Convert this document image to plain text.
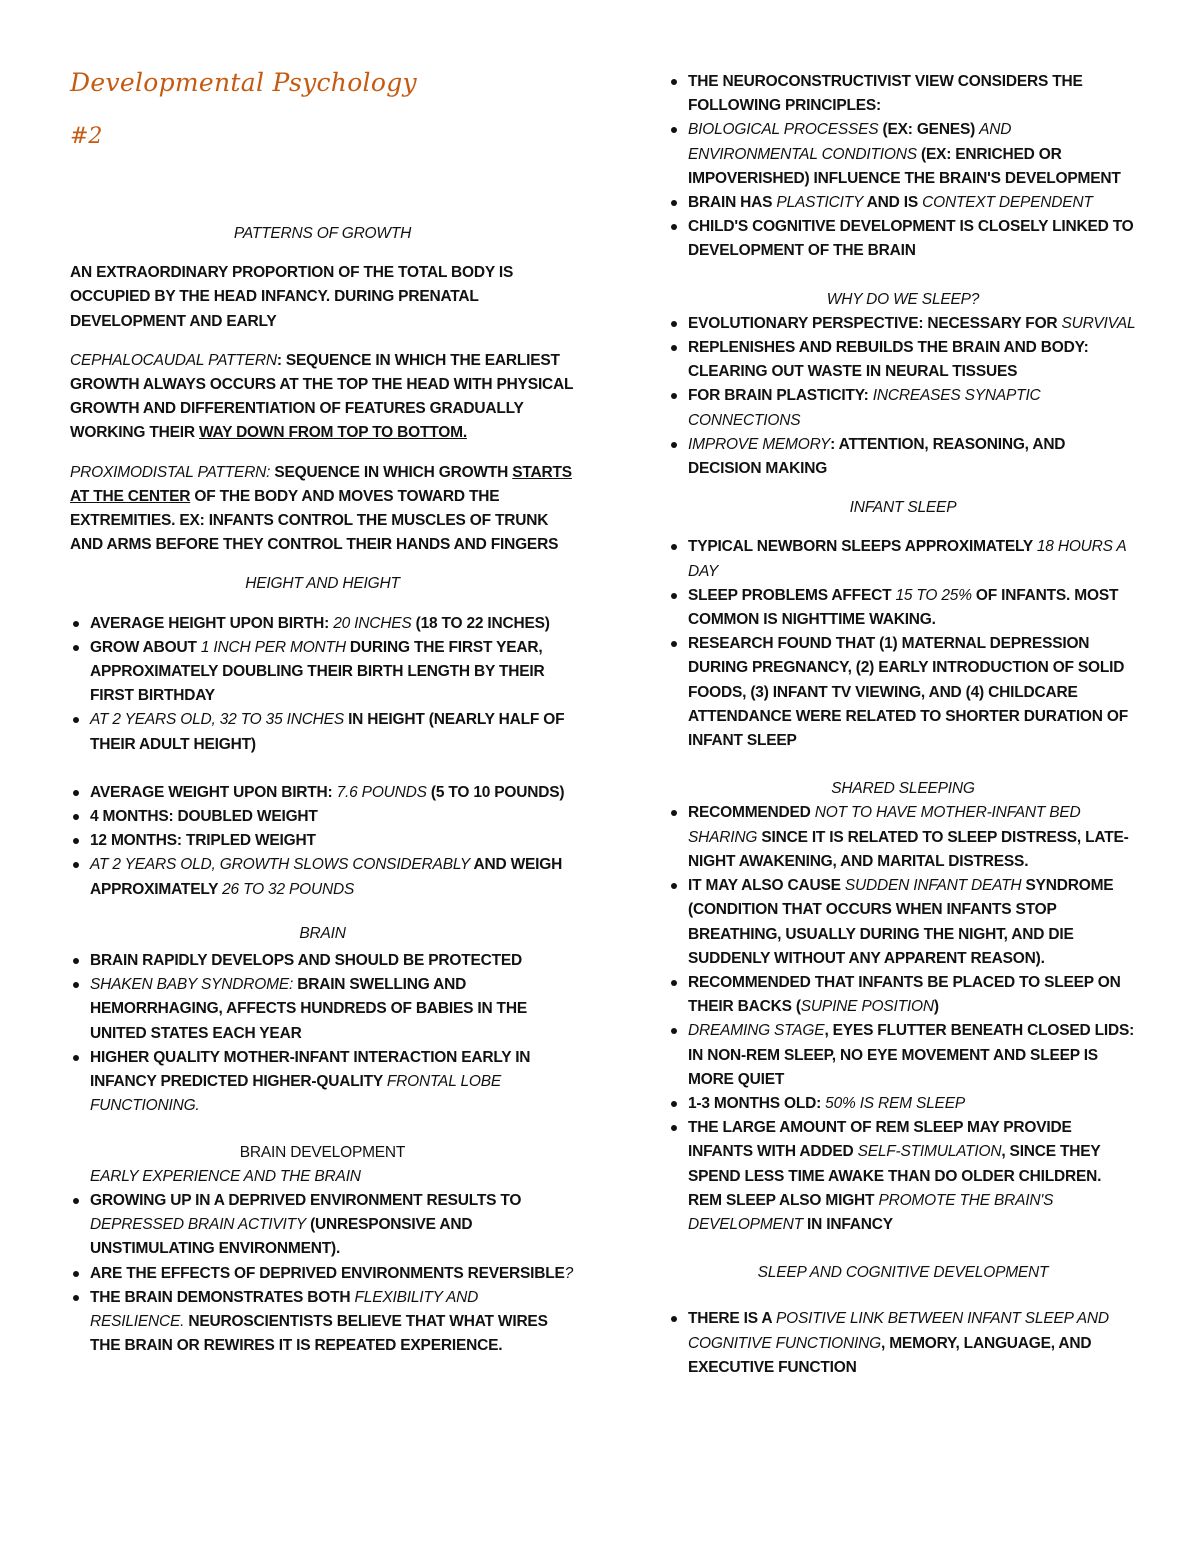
Developmental Psychology
#2
PATTERNS OF GROWTH

AN EXTRAORDINARY PROPORTION OF THE TOTAL BODY IS OCCUPIED BY THE HEAD INFANCY. DURING PRENATAL DEVELOPMENT AND EARLY

CEPHALOCAUDAL PATTERN: SEQUENCE IN WHICH THE EARLIEST GROWTH ALWAYS OCCURS AT THE TOP THE HEAD WITH PHYSICAL GROWTH AND DIFFERENTIATION OF FEATURES GRADUALLY WORKING THEIR WAY DOWN FROM TOP TO BOTTOM.

PROXIMODISTAL PATTERN: SEQUENCE IN WHICH GROWTH STARTS AT THE CENTER OF THE BODY AND MOVES TOWARD THE EXTREMITIES. EX: INFANTS CONTROL THE MUSCLES OF TRUNK AND ARMS BEFORE THEY CONTROL THEIR HANDS AND FINGERS

HEIGHT AND HEIGHT
AVERAGE HEIGHT UPON BIRTH: 20 INCHES (18 TO 22 INCHES)
GROW ABOUT 1 INCH PER MONTH DURING THE FIRST YEAR, APPROXIMATELY DOUBLING THEIR BIRTH LENGTH BY THEIR FIRST BIRTHDAY
AT 2 YEARS OLD, 32 TO 35 INCHES IN HEIGHT (NEARLY HALF OF THEIR ADULT HEIGHT)
AVERAGE WEIGHT UPON BIRTH: 7.6 POUNDS (5 TO 10 POUNDS)
4 MONTHS: DOUBLED WEIGHT
12 MONTHS: TRIPLED WEIGHT
AT 2 YEARS OLD, GROWTH SLOWS CONSIDERABLY AND WEIGH APPROXIMATELY 26 TO 32 POUNDS
BRAIN
BRAIN RAPIDLY DEVELOPS AND SHOULD BE PROTECTED
SHAKEN BABY SYNDROME: BRAIN SWELLING AND HEMORRHAGING, AFFECTS HUNDREDS OF BABIES IN THE UNITED STATES EACH YEAR
HIGHER QUALITY MOTHER-INFANT INTERACTION EARLY IN INFANCY PREDICTED HIGHER-QUALITY FRONTAL LOBE FUNCTIONING.
BRAIN DEVELOPMENT
EARLY EXPERIENCE AND THE BRAIN
GROWING UP IN A DEPRIVED ENVIRONMENT RESULTS TO DEPRESSED BRAIN ACTIVITY (UNRESPONSIVE AND UNSTIMULATING ENVIRONMENT).
ARE THE EFFECTS OF DEPRIVED ENVIRONMENTS REVERSIBLE?
THE BRAIN DEMONSTRATES BOTH FLEXIBILITY AND RESILIENCE. NEUROSCIENTISTS BELIEVE THAT WHAT WIRES THE BRAIN OR REWIRES IT IS REPEATED EXPERIENCE.
THE NEUROCONSTRUCTIVIST VIEW CONSIDERS THE FOLLOWING PRINCIPLES:
BIOLOGICAL PROCESSES (EX: GENES) AND ENVIRONMENTAL CONDITIONS (EX: ENRICHED OR IMPOVERISHED) INFLUENCE THE BRAIN'S DEVELOPMENT
BRAIN HAS PLASTICITY AND IS CONTEXT DEPENDENT
CHILD'S COGNITIVE DEVELOPMENT IS CLOSELY LINKED TO DEVELOPMENT OF THE BRAIN
WHY DO WE SLEEP?
EVOLUTIONARY PERSPECTIVE: NECESSARY FOR SURVIVAL
REPLENISHES AND REBUILDS THE BRAIN AND BODY: CLEARING OUT WASTE IN NEURAL TISSUES
FOR BRAIN PLASTICITY: INCREASES SYNAPTIC CONNECTIONS
IMPROVE MEMORY: ATTENTION, REASONING, AND DECISION MAKING
INFANT SLEEP
TYPICAL NEWBORN SLEEPS APPROXIMATELY 18 HOURS A DAY
SLEEP PROBLEMS AFFECT 15 TO 25% OF INFANTS. MOST COMMON IS NIGHTTIME WAKING.
RESEARCH FOUND THAT (1) MATERNAL DEPRESSION DURING PREGNANCY, (2) EARLY INTRODUCTION OF SOLID FOODS, (3) INFANT TV VIEWING, AND (4) CHILDCARE ATTENDANCE WERE RELATED TO SHORTER DURATION OF INFANT SLEEP
SHARED SLEEPING
RECOMMENDED NOT TO HAVE MOTHER-INFANT BED SHARING SINCE IT IS RELATED TO SLEEP DISTRESS, LATE-NIGHT AWAKENING, AND MARITAL DISTRESS.
IT MAY ALSO CAUSE SUDDEN INFANT DEATH SYNDROME (CONDITION THAT OCCURS WHEN INFANTS STOP BREATHING, USUALLY DURING THE NIGHT, AND DIE SUDDENLY WITHOUT ANY APPARENT REASON).
RECOMMENDED THAT INFANTS BE PLACED TO SLEEP ON THEIR BACKS (SUPINE POSITION)
DREAMING STAGE, EYES FLUTTER BENEATH CLOSED LIDS: IN NON-REM SLEEP, NO EYE MOVEMENT AND SLEEP IS MORE QUIET
1-3 MONTHS OLD: 50% IS REM SLEEP
THE LARGE AMOUNT OF REM SLEEP MAY PROVIDE INFANTS WITH ADDED SELF-STIMULATION, SINCE THEY SPEND LESS TIME AWAKE THAN DO OLDER CHILDREN. REM SLEEP ALSO MIGHT PROMOTE THE BRAIN'S DEVELOPMENT IN INFANCY
SLEEP AND COGNITIVE DEVELOPMENT
THERE IS A POSITIVE LINK BETWEEN INFANT SLEEP AND COGNITIVE FUNCTIONING, MEMORY, LANGUAGE, AND EXECUTIVE FUNCTION
